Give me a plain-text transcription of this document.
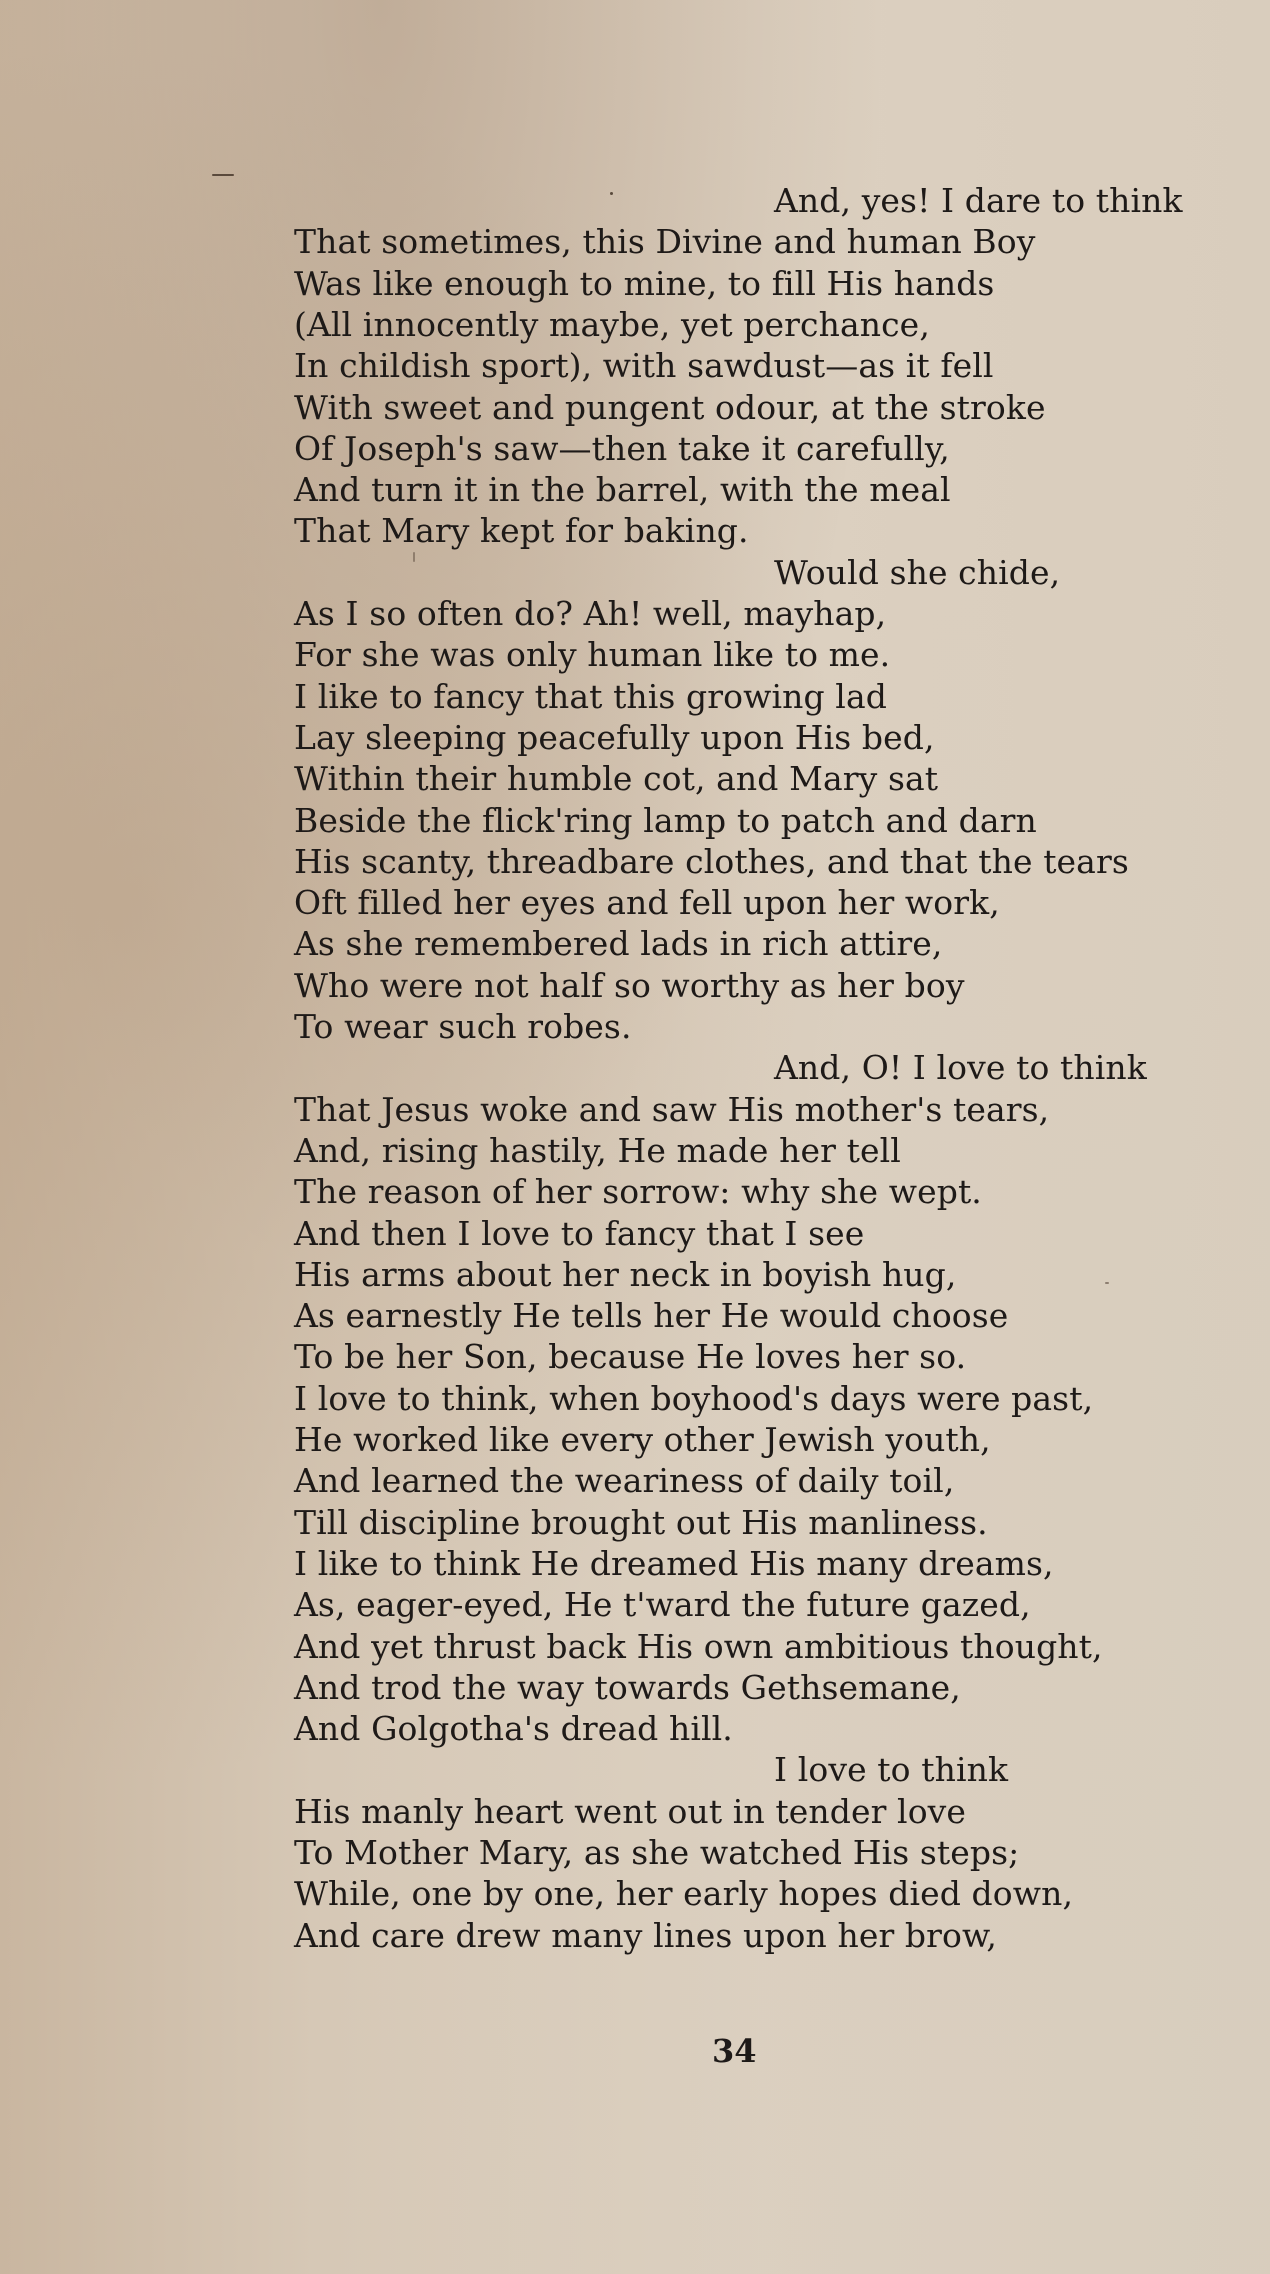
And, yes! I dare to think
That sometimes, this Divine and human Boy
Was like enough to mine, to fill His hands
(All innocently maybe, yet perchance,
In childish sport), with sawdust—as it fell
With sweet and pungent odour, at the stroke
Of Joseph's saw—then take it carefully,
And turn it in the barrel, with the meal
That Mary kept for baking.
Would she chide,
As I so often do? Ah! well, mayhap,
For she was only human like to me.
I like to fancy that this growing lad
Lay sleeping peacefully upon His bed,
Within their humble cot, and Mary sat
Beside the flick'ring lamp to patch and darn
His scanty, threadbare clothes, and that the tears
Oft filled her eyes and fell upon her work,
As she remembered lads in rich attire,
Who were not half so worthy as her boy
To wear such robes.
And, O! I love to think
That Jesus woke and saw His mother's tears,
And, rising hastily, He made her tell
The reason of her sorrow: why she wept.
And then I love to fancy that I see
His arms about her neck in boyish hug,
As earnestly He tells her He would choose
To be her Son, because He loves her so.
I love to think, when boyhood's days were past,
He worked like every other Jewish youth,
And learned the weariness of daily toil,
Till discipline brought out His manliness.
I like to think He dreamed His many dreams,
As, eager-eyed, He t'ward the future gazed,
And yet thrust back His own ambitious thought,
And trod the way towards Gethsemane,
And Golgotha's dread hill.
I love to think
His manly heart went out in tender love
To Mother Mary, as she watched His steps;
While, one by one, her early hopes died down,
And care drew many lines upon her brow,
34
